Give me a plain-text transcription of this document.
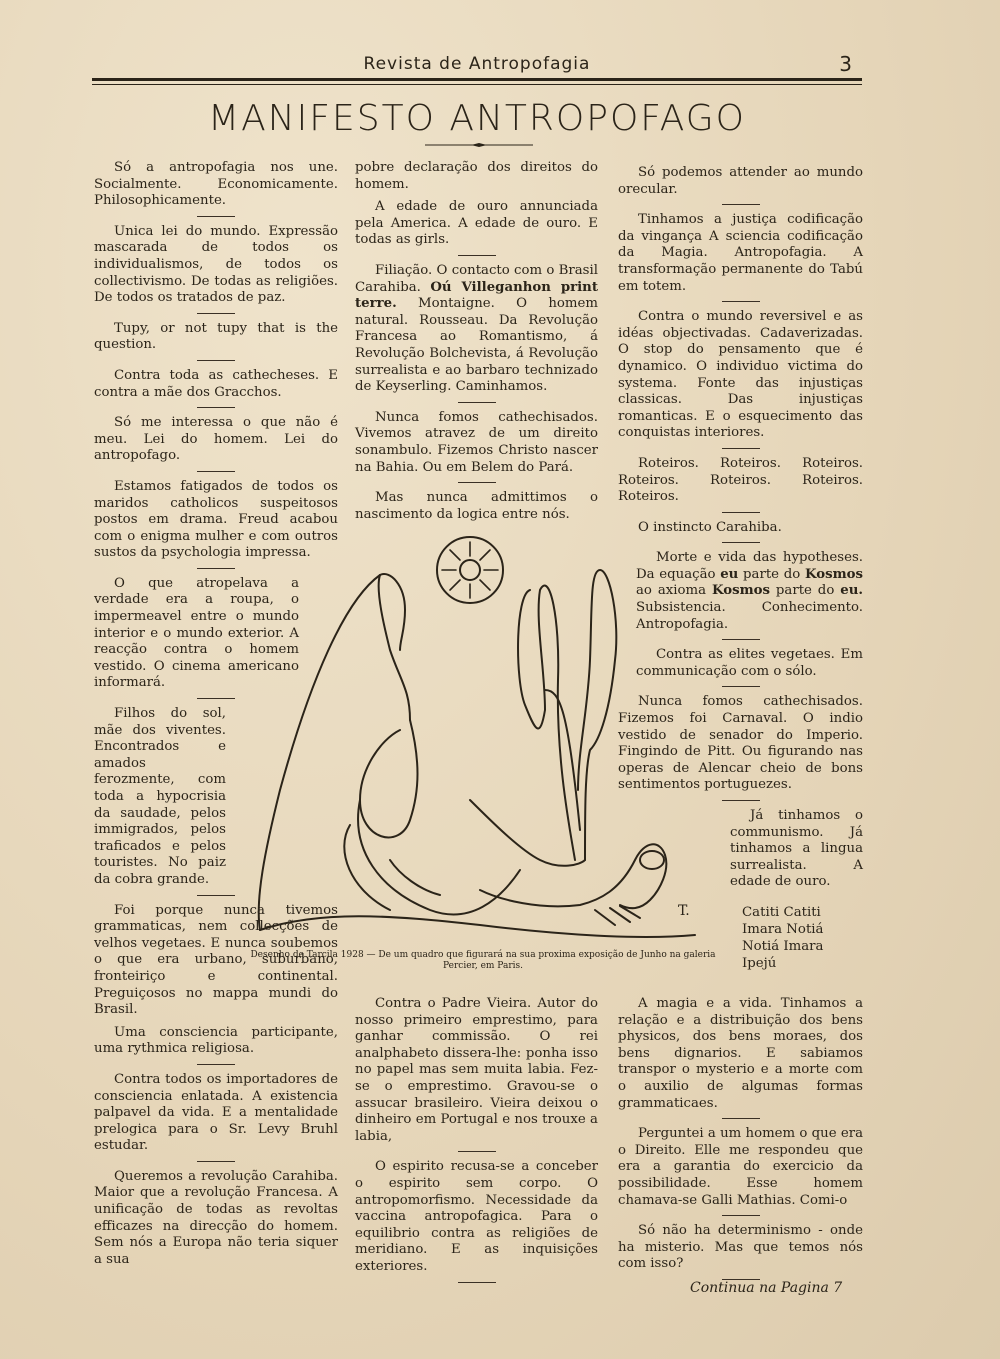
Revista de Antropofagia	3
MANIFESTO ANTROPOFAGO

Só a antropofagia nos une. Socialmente. Economicamente. Philosophicamente.

Unica lei do mundo. Expressão mascarada de todos os individualismos, de todos os collectivismo. De todas as religiões. De todos os tratados de paz.

Tupy, or not tupy that is the question.

Contra toda as cathecheses. E contra a mãe dos Gracchos.

Só me interessa o que não é meu. Lei do homem. Lei do antropofago.

Estamos fatigados de todos os maridos catholicos suspeitosos postos em drama. Freud acabou com o enigma mulher e com outros sustos da psychologia impressa.

O que atropelava a verdade era a roupa, o impermeavel entre o mundo interior e o mundo exterior. A reacção contra o homem vestido. O cinema americano informará.

Filhos do sol, mãe dos viventes. Encontrados e amados ferozmente, com toda a hypocrisia da saudade, pelos immigrados, pelos traficados e pelos touristes. No paiz da cobra grande.

Foi porque nunca tivemos grammaticas, nem collecções de velhos vegetaes. E nunca soubemos o que era urbano, suburbano, fronteiriço e continental. Preguiçosos no mappa mundi do Brasil.

Uma consciencia participante, uma rythmica religiosa.

Contra todos os importadores de consciencia enlatada. A existencia palpavel da vida. E a mentalidade prelogica para o Sr. Levy Bruhl estudar.

Queremos a revolução Carahiba. Maior que a revolução Francesa. A unificação de todas as revoltas efficazes na direcção do homem. Sem nós a Europa não teria siquer a sua

pobre declaração dos direitos do homem.

A edade de ouro annunciada pela America. A edade de ouro. E todas as girls.

Filiação. O contacto com o Brasil Carahiba. Oú Villeganhon print terre. Montaigne. O homem natural. Rousseau. Da Revolução Francesa ao Romantismo, á Revolução Bolchevista, á Revolução surrealista e ao barbaro technizado de Keyserling. Caminhamos.

Nunca fomos cathechisados. Vivemos atravez de um direito sonambulo. Fizemos Christo nascer na Bahia. Ou em Belem do Pará.

Mas nunca admittimos o nascimento da logica entre nós.

Só podemos attender ao mundo orecular.

Tinhamos a justiça codificação da vingança A sciencia codificação da Magia. Antropofagia. A transformação permanente do Tabú em totem.

Contra o mundo reversivel e as idéas objectivadas. Cadaverizadas. O stop do pensamento que é dynamico. O individuo victima do systema. Fonte das injustiças classicas. Das injustiças romanticas. E o esquecimento das conquistas interiores.

Roteiros. Roteiros. Roteiros. Roteiros. Roteiros. Roteiros. Roteiros.

O instincto Carahiba.

Morte e vida das hypotheses. Da equação eu parte do Kosmos ao axioma Kosmos parte do eu. Subsistencia. Conhecimento. Antropofagia.

Contra as elites vegetaes. Em communicação com o sólo.

Nunca fomos cathechisados. Fizemos foi Carnaval. O indio vestido de senador do Imperio. Fingindo de Pitt. Ou figurando nas operas de Alencar cheio de bons sentimentos portuguezes.

Já tinhamos o communismo. Já tinhamos a lingua surrealista. A edade de ouro.

Catiti Catiti
Imara Notiá
Notiá Imara
Ipejú
T.
Desenho de Tarcila 1928 — De um quadro que figurará na sua proxima exposição de Junho na galeria Percier, em Paris.

Contra o Padre Vieira. Autor do nosso primeiro emprestimo, para ganhar commissão. O rei analphabeto dissera-lhe: ponha isso no papel mas sem muita labia. Fez-se o emprestimo. Gravou-se o assucar brasileiro. Vieira deixou o dinheiro em Portugal e nos trouxe a labia,

O espirito recusa-se a conceber o espirito sem corpo. O antropomorfismo. Necessidade da vaccina antropofagica. Para o equilibrio contra as religiões de meridiano. E as inquisições exteriores.

A magia e a vida. Tinhamos a relação e a distribuição dos bens physicos, dos bens moraes, dos bens dignarios. E sabiamos transpor o mysterio e a morte com o auxilio de algumas formas grammaticaes.

Perguntei a um homem o que era o Direito. Elle me respondeu que era a garantia do exercicio da possibilidade. Esse homem chamava-se Galli Mathias. Comi-o

Só não ha determinismo - onde ha misterio. Mas que temos nós com isso?

Continua na Pagina 7
